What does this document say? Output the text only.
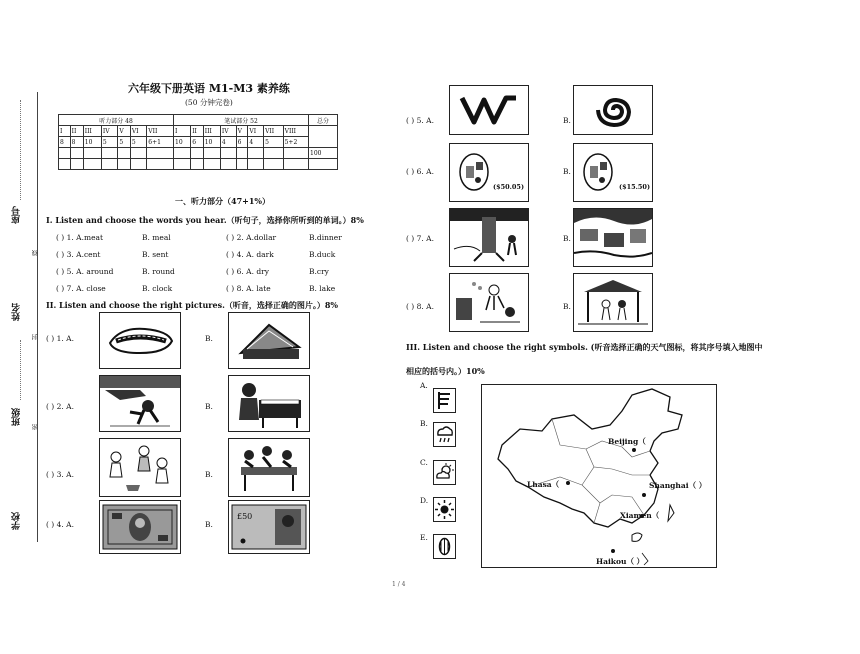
座号
姓名
班级
学校
线
封
密
六年级下册英语 M1-M3 素养练
(50 分钟完卷)
听力部分 48							笔试部分 52								总分
I	II	III	IV	V	VI	VII	I	II	III	IV	V	VI	VII	VIII	
8	8	10	5	5	5	6+1	10	6	10	4	6	4	5	5+2	
															100

一、听力部分（47+1%）
I. Listen and choose the words you hear.（听句子，选择你所听到的单词。）8%
( ) 1. A.meat	B. meal	( ) 2. A.dollar	B.dinner
( ) 3. A.cent	B. sent	( ) 4. A. dark	B.duck
( ) 5. A. around	B. round	( ) 6. A. dry	B.cry
( ) 7. A. close	B. clock	( ) 8. A. late	B. lake
II. Listen and choose the right pictures.（听音，选择正确的图片。）8%
( ) 1. A.	B.
( ) 2. A.	B.
( ) 3. A.	B.
( ) 4. A.	B.
£50
( ) 5. A.	B.
( ) 6. A.
($50.05)
B.
($15.50)
( ) 7. A.	B.
( ) 8. A.	B.
III. Listen and choose the right symbols. (听音选择正确的天气图标，将其序号填入地图中
相应的括号内。）10%
A.
B.
C.
D.
E.
Beijing（
Lhasa（	Shanghai（ ）
Xiamen（
Haikou（ ）
1 / 4
